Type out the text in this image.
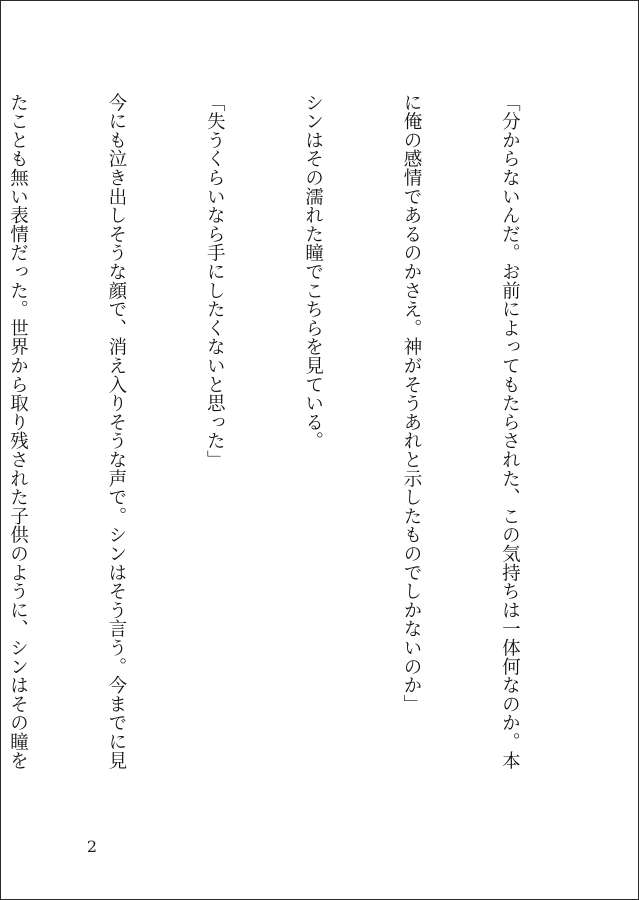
「分からないんだ。お前によってもたらされた、この気持ちは一体何なのか。本

に俺の感情であるのかさえ。神がそうあれと示したものでしかないのか」

シンはその濡れた瞳でこちらを見ている。

「失うくらいなら手にしたくないと思った」

今にも泣き出しそうな顔で、消え入りそうな声で。シンはそう言う。今までに見

たことも無い表情だった。世界から取り残された子供のように、シンはその瞳を

2
